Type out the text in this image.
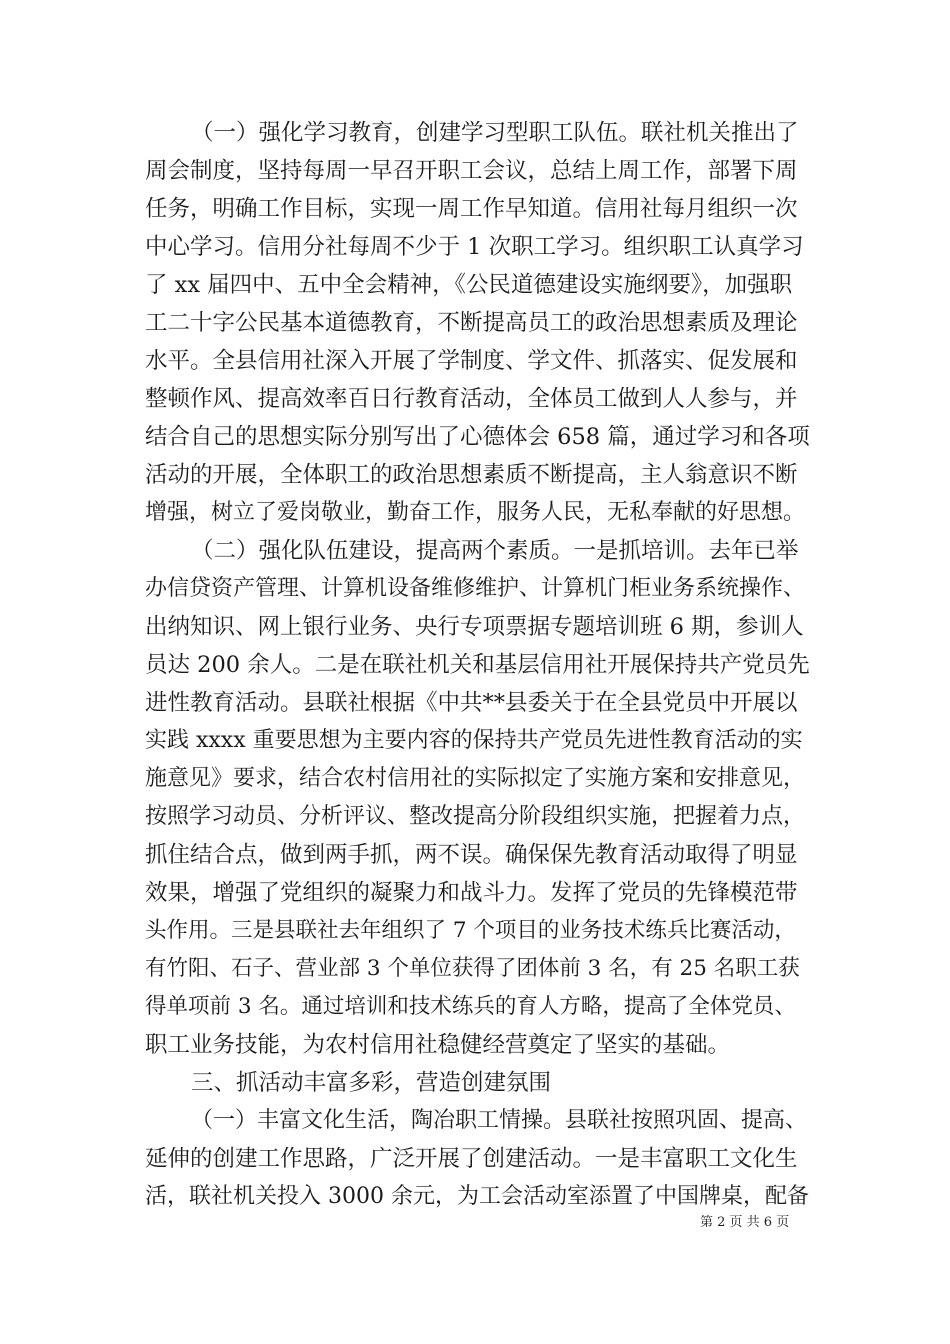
（一）强化学习教育，创建学习型职工队伍。联社机关推出了
周会制度，坚持每周一早召开职工会议，总结上周工作，部署下周
任务，明确工作目标，实现一周工作早知道。信用社每月组织一次
中心学习。信用分社每周不少于 1 次职工学习。组织职工认真学习
了 xx 届四中、五中全会精神，《公民道德建设实施纲要》，加强职
工二十字公民基本道德教育，不断提高员工的政治思想素质及理论
水平。全县信用社深入开展了学制度、学文件、抓落实、促发展和
整顿作风、提高效率百日行教育活动，全体员工做到人人参与，并
结合自己的思想实际分别写出了心德体会 658 篇，通过学习和各项
活动的开展，全体职工的政治思想素质不断提高，主人翁意识不断
增强，树立了爱岗敬业，勤奋工作，服务人民，无私奉献的好思想。
（二）强化队伍建设，提高两个素质。一是抓培训。去年已举
办信贷资产管理、计算机设备维修维护、计算机门柜业务系统操作、
出纳知识、网上银行业务、央行专项票据专题培训班 6 期，参训人
员达 200 余人。二是在联社机关和基层信用社开展保持共产党员先
进性教育活动。县联社根据《中共**县委关于在全县党员中开展以
实践 xxxx 重要思想为主要内容的保持共产党员先进性教育活动的实
施意见》要求，结合农村信用社的实际拟定了实施方案和安排意见，
按照学习动员、分析评议、整改提高分阶段组织实施，把握着力点，
抓住结合点，做到两手抓，两不误。确保保先教育活动取得了明显
效果，增强了党组织的凝聚力和战斗力。发挥了党员的先锋模范带
头作用。三是县联社去年组织了 7 个项目的业务技术练兵比赛活动，
有竹阳、石子、营业部 3 个单位获得了团体前 3 名，有 25 名职工获
得单项前 3 名。通过培训和技术练兵的育人方略，提高了全体党员、
职工业务技能，为农村信用社稳健经营奠定了坚实的基础。
三、抓活动丰富多彩，营造创建氛围
（一）丰富文化生活，陶冶职工情操。县联社按照巩固、提高、
延伸的创建工作思路，广泛开展了创建活动。一是丰富职工文化生
活，联社机关投入 3000 余元，为工会活动室添置了中国牌桌，配备
第 2 页 共 6 页
